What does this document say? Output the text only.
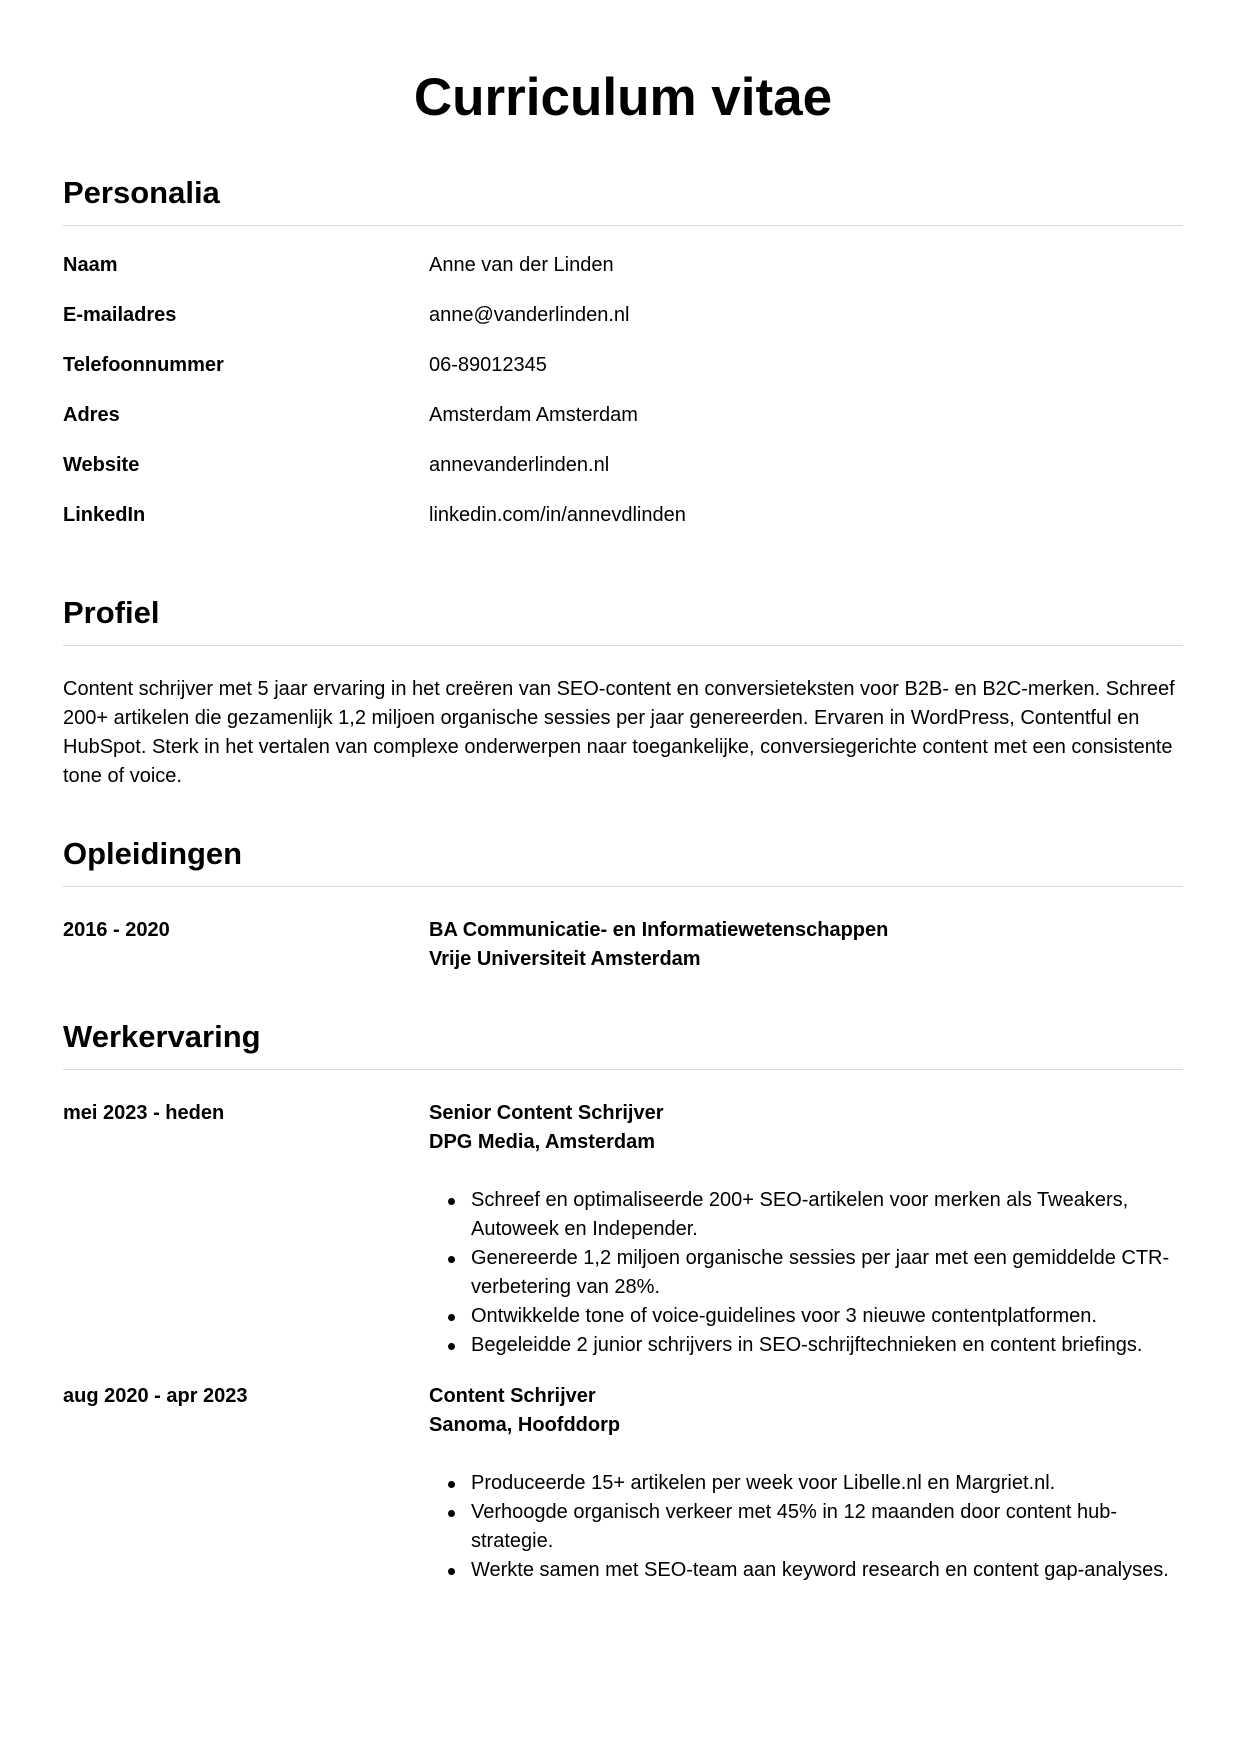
Curriculum vitae
Personalia
Naam	Anne van der Linden
E-mailadres	anne@vanderlinden.nl
Telefoonnummer	06-89012345
Adres	Amsterdam Amsterdam
Website	annevanderlinden.nl
LinkedIn	linkedin.com/in/annevdlinden
Profiel

Content schrijver met 5 jaar ervaring in het creëren van SEO-content en conversieteksten voor B2B- en B2C-merken. Schreef 200+ artikelen die gezamenlijk 1,2 miljoen organische sessies per jaar genereerden. Ervaren in WordPress, Contentful en HubSpot. Sterk in het vertalen van complexe onderwerpen naar toegankelijke, conversiegerichte content met een consistente tone of voice.

Opleidingen
2016 - 2020	BA Communicatie- en Informatiewetenschappen
Vrije Universiteit Amsterdam
Werkervaring
mei 2023 - heden	Senior Content Schrijver
DPG Media, Amsterdam
Schreef en optimaliseerde 200+ SEO-artikelen voor merken als Tweakers, Autoweek en Independer.
Genereerde 1,2 miljoen organische sessies per jaar met een gemiddelde CTR-verbetering van 28%.
Ontwikkelde tone of voice-guidelines voor 3 nieuwe contentplatformen.
Begeleidde 2 junior schrijvers in SEO-schrijftechnieken en content briefings.
aug 2020 - apr 2023	Content Schrijver
Sanoma, Hoofddorp
Produceerde 15+ artikelen per week voor Libelle.nl en Margriet.nl.
Verhoogde organisch verkeer met 45% in 12 maanden door content hub-strategie.
Werkte samen met SEO-team aan keyword research en content gap-analyses.
